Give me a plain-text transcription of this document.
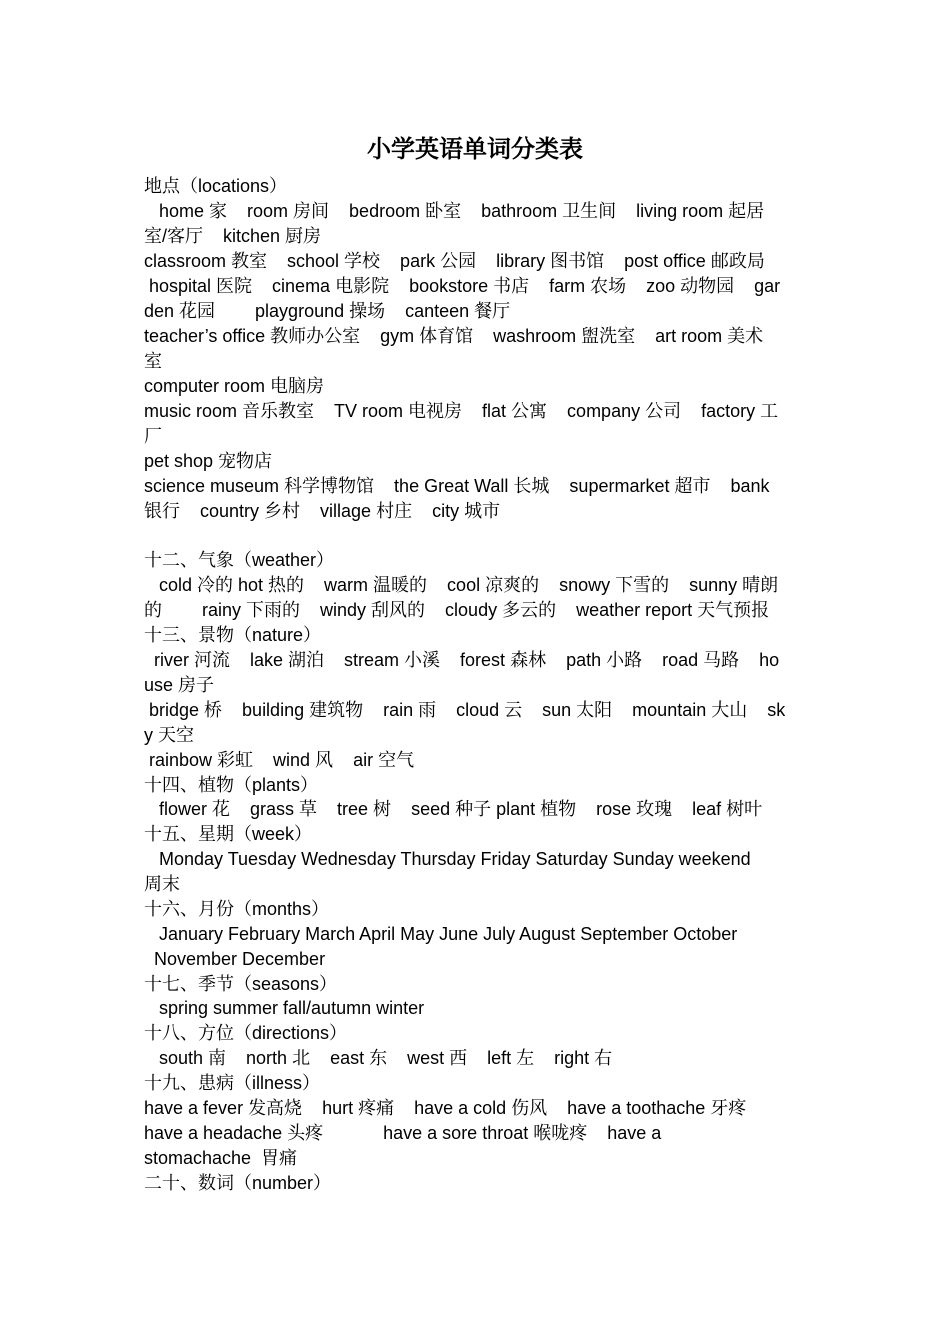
小学英语单词分类表

地点（locations）

home 家    room 房间    bedroom 卧室    bathroom 卫生间    living room 起居

室/客厅    kitchen 厨房

classroom 教室    school 学校    park 公园    library 图书馆    post office 邮政局

hospital 医院    cinema 电影院    bookstore 书店    farm 农场    zoo 动物园    gar

den 花园        playground 操场    canteen 餐厅

teacher’s office 教师办公室    gym 体育馆    washroom 盥洗室    art room 美术

室

computer room 电脑房

music room 音乐教室    TV room 电视房    flat 公寓    company 公司    factory 工

厂

pet shop 宠物店

science museum 科学博物馆    the Great Wall 长城    supermarket 超市    bank

银行    country 乡村    village 村庄    city 城市

十二、气象（weather）

cold 冷的 hot 热的    warm 温暖的    cool 凉爽的    snowy 下雪的    sunny 晴朗

的        rainy 下雨的    windy 刮风的    cloudy 多云的    weather report 天气预报

十三、景物（nature）

river 河流    lake 湖泊    stream 小溪    forest 森林    path 小路    road 马路    ho

use 房子

bridge 桥    building 建筑物    rain 雨    cloud 云    sun 太阳    mountain 大山    sk

y 天空

rainbow 彩虹    wind 风    air 空气

十四、植物（plants）

flower 花    grass 草    tree 树    seed 种子 plant 植物    rose 玫瑰    leaf 树叶

十五、星期（week）

Monday Tuesday Wednesday Thursday Friday Saturday Sunday weekend

周末

十六、月份（months）

January February March April May June July August September October

November December

十七、季节（seasons）

spring summer fall/autumn winter

十八、方位（directions）

south 南    north 北    east 东    west 西    left 左    right 右

十九、患病（illness）

have a fever 发高烧    hurt 疼痛    have a cold 伤风    have a toothache 牙疼

have a headache 头疼            have a sore throat 喉咙疼    have a

stomachache  胃痛

二十、数词（number）
